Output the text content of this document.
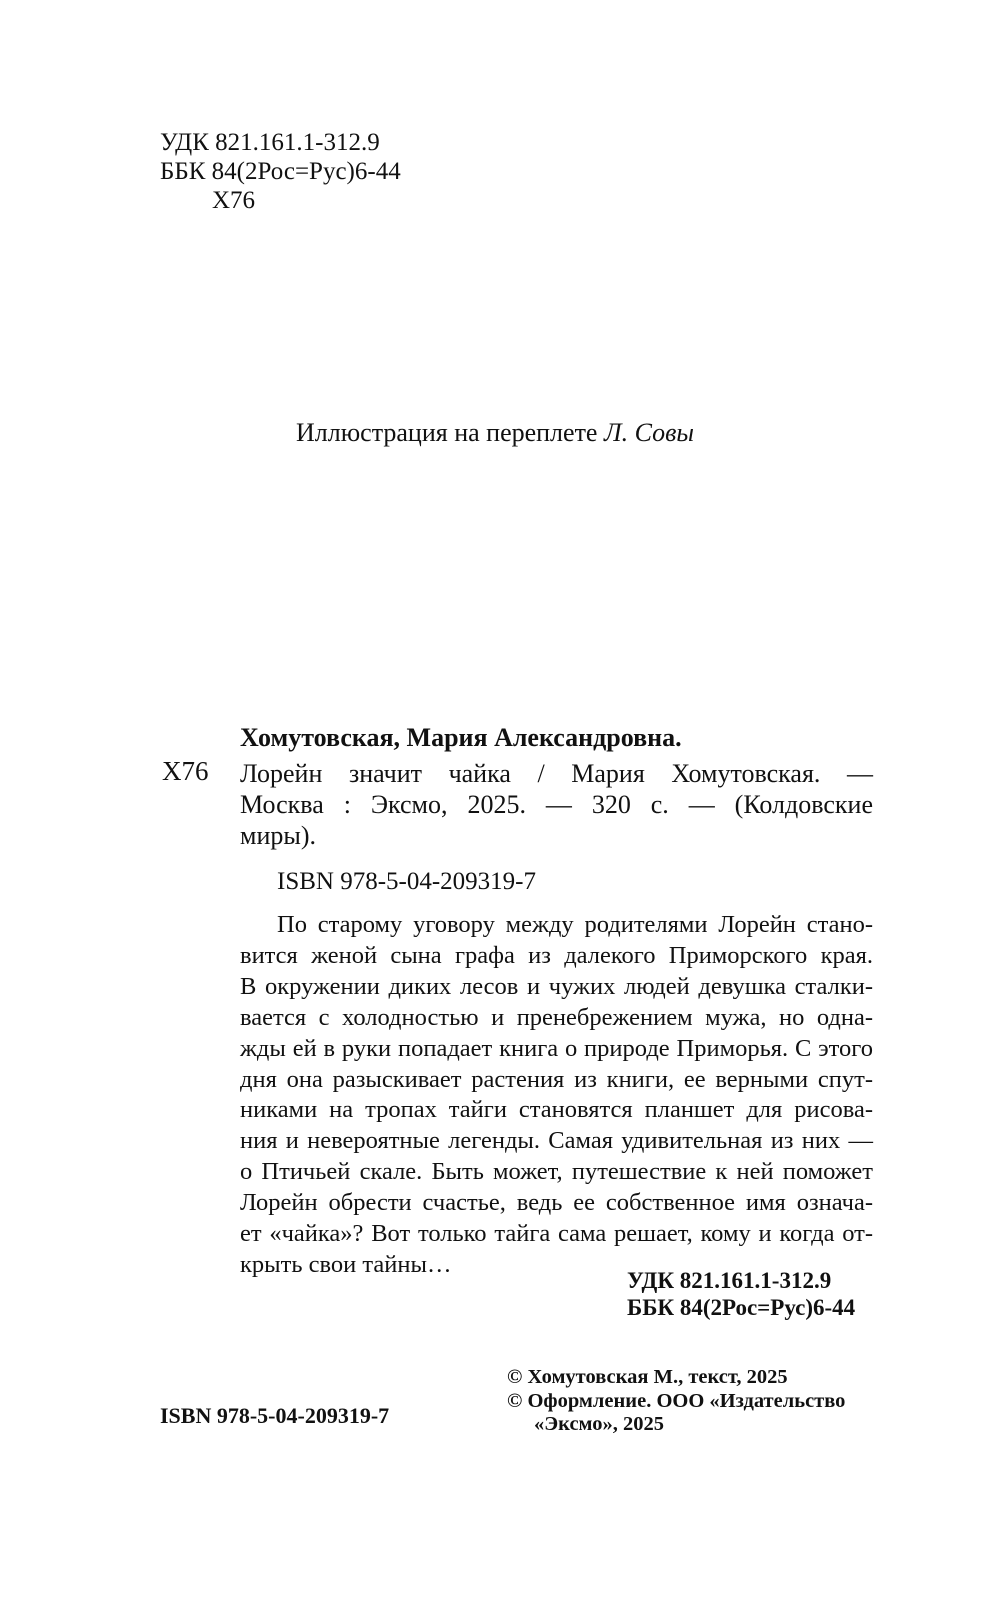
УДК 821.161.1-312.9
ББК 84(2Рос=Рус)6-44
Х76
Иллюстрация на переплете Л. Совы
Х76
Хомутовская, Мария Александровна.
Лорейн значит чайка / Мария Хомутовская. —
Москва : Эксмо, 2025. — 320 с. — (Колдовские
миры).
ISBN 978-5-04-209319-7
По старому уговору между родителями Лорейн стано-
вится женой сына графа из далекого Приморского края.
В окружении диких лесов и чужих людей девушка сталки-
вается с холодностью и пренебрежением мужа, но одна-
жды ей в руки попадает книга о природе Приморья. С этого
дня она разыскивает растения из книги, ее верными спут-
никами на тропах тайги становятся планшет для рисова-
ния и невероятные легенды. Самая удивительная из них —
о Птичьей скале. Быть может, путешествие к ней поможет
Лорейн обрести счастье, ведь ее собственное имя означа-
ет «чайка»? Вот только тайга сама решает, кому и когда от-
крыть свои тайны…
УДК 821.161.1-312.9
ББК 84(2Рос=Рус)6-44
ISBN 978-5-04-209319-7
© Хомутовская М., текст, 2025
© Оформление. ООО «Издательство
«Эксмо», 2025
